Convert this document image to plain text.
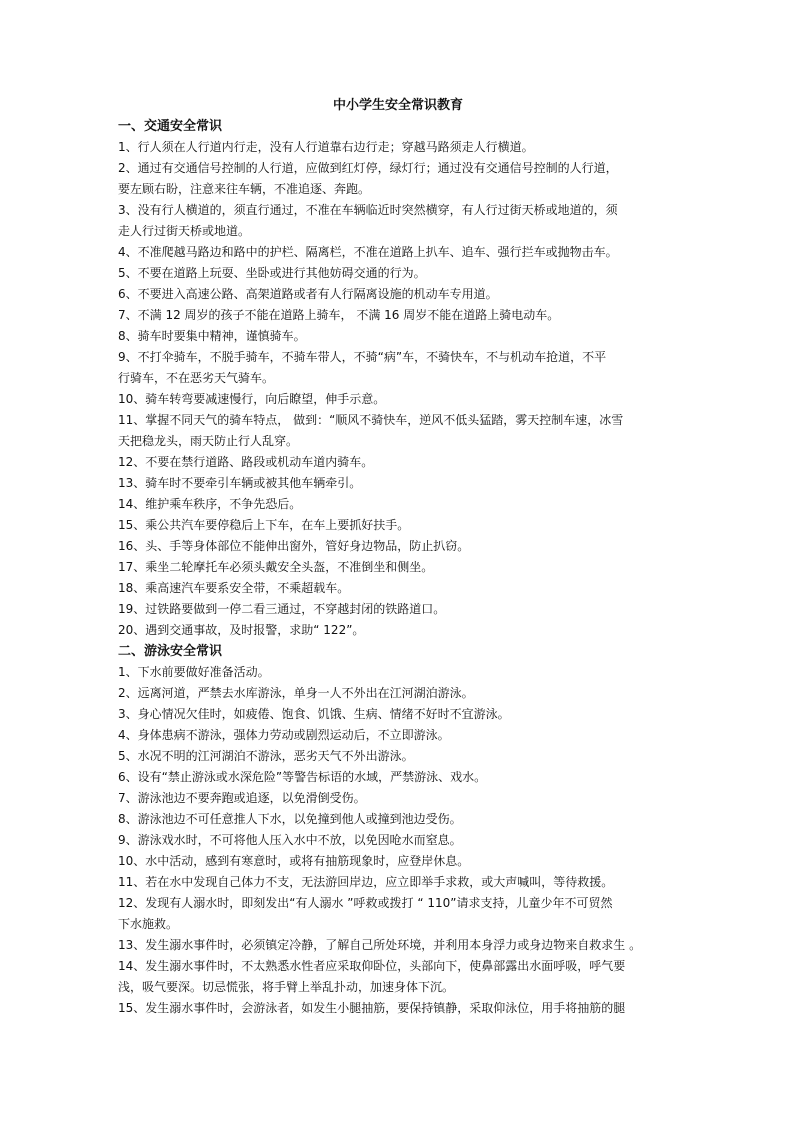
中小学生安全常识教育

一、交通安全常识

1、行人须在人行道内行走，没有人行道靠右边行走；穿越马路须走人行横道。

2、通过有交通信号控制的人行道，应做到红灯停，绿灯行；通过没有交通信号控制的人行道，
要左顾右盼，注意来往车辆，不准追逐、奔跑。

3、没有行人横道的，须直行通过，不准在车辆临近时突然横穿，有人行过街天桥或地道的，须
走人行过街天桥或地道。

4、不准爬越马路边和路中的护栏、隔离栏，不准在道路上扒车、追车、强行拦车或抛物击车。

5、不要在道路上玩耍、坐卧或进行其他妨碍交通的行为。

6、不要进入高速公路、高架道路或者有人行隔离设施的机动车专用道。

7、不满 12 周岁的孩子不能在道路上骑车， 不满 16 周岁不能在道路上骑电动车。

8、骑车时要集中精神，谨慎骑车。

9、不打伞骑车，不脱手骑车，不骑车带人，不骑“病”车，不骑快车，不与机动车抢道，不平
行骑车，不在恶劣天气骑车。

10、骑车转弯要减速慢行，向后瞭望，伸手示意。

11、掌握不同天气的骑车特点， 做到：“顺风不骑快车，逆风不低头猛踏，雾天控制车速，冰雪
天把稳龙头，雨天防止行人乱穿。

12、不要在禁行道路、路段或机动车道内骑车。

13、骑车时不要牵引车辆或被其他车辆牵引。

14、维护乘车秩序，不争先恐后。

15、乘公共汽车要停稳后上下车，在车上要抓好扶手。

16、头、手等身体部位不能伸出窗外，管好身边物品，防止扒窃。

17、乘坐二轮摩托车必须头戴安全头盔，不准倒坐和侧坐。

18、乘高速汽车要系安全带，不乘超载车。

19、过铁路要做到一停二看三通过，不穿越封闭的铁路道口。

20、遇到交通事故，及时报警，求助“ 122”。

二、游泳安全常识

1、下水前要做好准备活动。

2、远离河道，严禁去水库游泳，单身一人不外出在江河湖泊游泳。

3、身心情况欠佳时，如疲倦、饱食、饥饿、生病、情绪不好时不宜游泳。

4、身体患病不游泳，强体力劳动或剧烈运动后，不立即游泳。

5、水况不明的江河湖泊不游泳，恶劣天气不外出游泳。

6、设有“禁止游泳或水深危险”等警告标语的水域，严禁游泳、戏水。

7、游泳池边不要奔跑或追逐，以免滑倒受伤。

8、游泳池边不可任意推人下水，以免撞到他人或撞到池边受伤。

9、游泳戏水时，不可将他人压入水中不放，以免因呛水而窒息。

10、水中活动，感到有寒意时，或将有抽筋现象时，应登岸休息。

11、若在水中发现自己体力不支，无法游回岸边，应立即举手求救，或大声喊叫，等待救援。

12、发现有人溺水时，即刻发出“有人溺水 ”呼救或拨打 “ 110”请求支持，儿童少年不可贸然
下水施救。

13、发生溺水事件时，必须镇定冷静，了解自己所处环境，并利用本身浮力或身边物来自救求生 。

14、发生溺水事件时，不太熟悉水性者应采取仰卧位，头部向下，使鼻部露出水面呼吸，呼气要
浅，吸气要深。切忌慌张，将手臂上举乱扑动，加速身体下沉。

15、发生溺水事件时，会游泳者，如发生小腿抽筋，要保持镇静，采取仰泳位，用手将抽筋的腿
